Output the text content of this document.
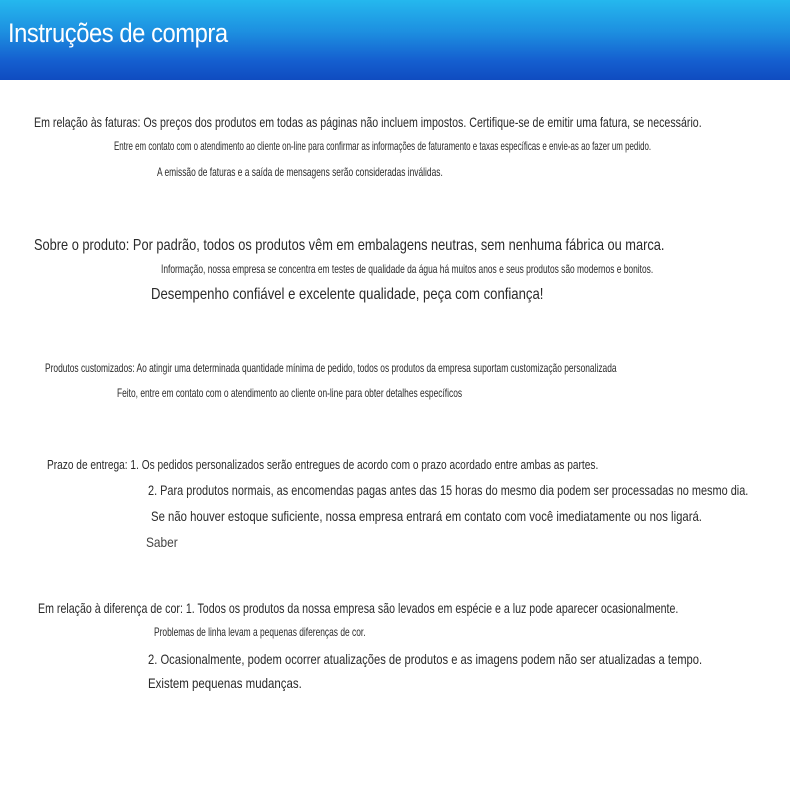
Instruções de compra
Em relação às faturas: Os preços dos produtos em todas as páginas não incluem impostos. Certifique-se de emitir uma fatura, se necessário.
Entre em contato com o atendimento ao cliente on-line para confirmar as informações de faturamento e taxas específicas e envie-as ao fazer um pedido.
A emissão de faturas e a saída de mensagens serão consideradas inválidas.
Sobre o produto: Por padrão, todos os produtos vêm em embalagens neutras, sem nenhuma fábrica ou marca.
Informação, nossa empresa se concentra em testes de qualidade da água há muitos anos e seus produtos são modernos e bonitos.
Desempenho confiável e excelente qualidade, peça com confiança!
Produtos customizados: Ao atingir uma determinada quantidade mínima de pedido, todos os produtos da empresa suportam customização personalizada
Feito, entre em contato com o atendimento ao cliente on-line para obter detalhes específicos
Prazo de entrega: 1. Os pedidos personalizados serão entregues de acordo com o prazo acordado entre ambas as partes.
2. Para produtos normais, as encomendas pagas antes das 15 horas do mesmo dia podem ser processadas no mesmo dia.
Se não houver estoque suficiente, nossa empresa entrará em contato com você imediatamente ou nos ligará.
Saber
Em relação à diferença de cor: 1. Todos os produtos da nossa empresa são levados em espécie e a luz pode aparecer ocasionalmente.
Problemas de linha levam a pequenas diferenças de cor.
2. Ocasionalmente, podem ocorrer atualizações de produtos e as imagens podem não ser atualizadas a tempo.
Existem pequenas mudanças.
